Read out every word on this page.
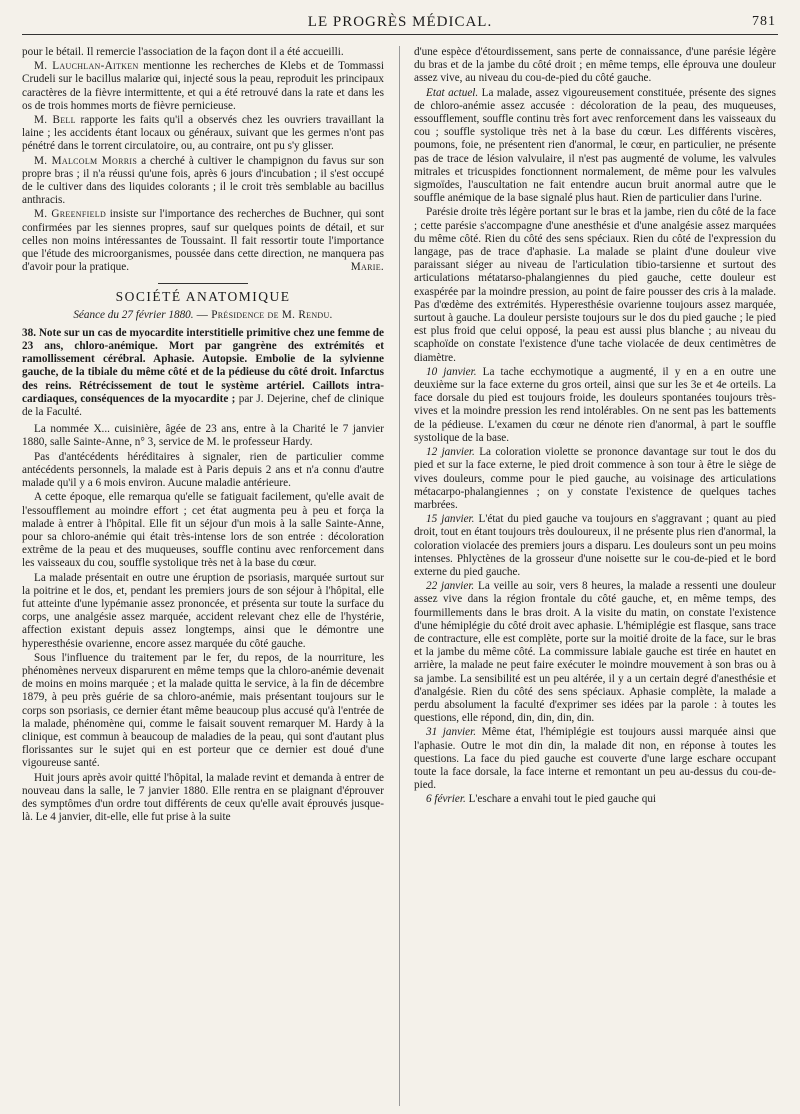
LE PROGRÈS MÉDICAL.	781

pour le bétail. Il remercie l'association de la façon dont il a été accueilli.

M. Lauchlan-Aitken mentionne les recherches de Klebs et de Tommassi Crudeli sur le bacillus malariœ qui, injecté sous la peau, reproduit les principaux caractères de la fièvre intermittente, et qui a été retrouvé dans la rate et dans les os de trois hommes morts de fièvre pernicieuse.

M. Bell rapporte les faits qu'il a observés chez les ouvriers travaillant la laine ; les accidents étant locaux ou généraux, suivant que les germes n'ont pas pénétré dans le torrent circulatoire, ou, au contraire, ont pu s'y glisser.

M. Malcolm Morris a cherché à cultiver le champignon du favus sur son propre bras ; il n'a réussi qu'une fois, après 6 jours d'incubation ; il s'est occupé de le cultiver dans des liquides colorants ; il le croit très semblable au bacillus anthracis.

M. Greenfield insiste sur l'importance des recherches de Buchner, qui sont confirmées par les siennes propres, sauf sur quelques points de détail, et sur celles non moins intéressantes de Toussaint. Il fait ressortir toute l'importance que l'étude des microorganismes, poussée dans cette direction, ne manquera pas d'avoir pour la pratique.	Marie.

SOCIÉTÉ ANATOMIQUE
Séance du 27 février 1880. — Présidence de M. Rendu.

38. Note sur un cas de myocardite interstitielle primitive chez une femme de 23 ans, chloro-anémique. Mort par gangrène des extrémités et ramollissement cérébral. Aphasie. Autopsie. Embolie de la sylvienne gauche, de la tibiale du même côté et de la pédieuse du côté droit. Infarctus des reins. Rétrécissement de tout le système artériel. Caillots intra-cardiaques, conséquences de la myocardite ; par J. Dejerine, chef de clinique de la Faculté.

La nommée X... cuisinière, âgée de 23 ans, entre à la Charité le 7 janvier 1880, salle Sainte-Anne, n° 3, service de M. le professeur Hardy.

Pas d'antécédents héréditaires à signaler, rien de particulier comme antécédents personnels, la malade est à Paris depuis 2 ans et n'a connu d'autre malade qu'il y a 6 mois environ. Aucune maladie antérieure.

A cette époque, elle remarqua qu'elle se fatiguait facilement, qu'elle avait de l'essoufflement au moindre effort ; cet état augmenta peu à peu et força la malade à entrer à l'hôpital. Elle fit un séjour d'un mois à la salle Sainte-Anne, pour sa chloro-anémie qui était très-intense lors de son entrée : décoloration extrême de la peau et des muqueuses, souffle continu avec renforcement dans les vaisseaux du cou, souffle systolique très net à la base du cœur.

La malade présentait en outre une éruption de psoriasis, marquée surtout sur la poitrine et le dos, et, pendant les premiers jours de son séjour à l'hôpital, elle fut atteinte d'une lypémanie assez prononcée, et présenta sur toute la surface du corps, une analgésie assez marquée, accident relevant chez elle de l'hystérie, affection existant depuis assez longtemps, ainsi que le démontre une hyperesthésie ovarienne, encore assez marquée du côté gauche.

Sous l'influence du traitement par le fer, du repos, de la nourriture, les phénomènes nerveux disparurent en même temps que la chloro-anémie devenait de moins en moins marquée ; et la malade quitta le service, à la fin de décembre 1879, à peu près guérie de sa chloro-anémie, mais présentant toujours sur le corps son psoriasis, ce dernier étant même beaucoup plus accusé qu'à l'entrée de la malade, phénomène qui, comme le faisait souvent remarquer M. Hardy à la clinique, est commun à beaucoup de maladies de la peau, qui sont d'autant plus florissantes sur le sujet qui en est porteur que ce dernier est doué d'une vigoureuse santé.

Huit jours après avoir quitté l'hôpital, la malade revint et demanda à entrer de nouveau dans la salle, le 7 janvier 1880. Elle rentra en se plaignant d'éprouver des symptômes d'un ordre tout différents de ceux qu'elle avait éprouvés jusque-là. Le 4 janvier, dit-elle, elle fut prise à la suite

d'une espèce d'étourdissement, sans perte de connaissance, d'une parésie légère du bras et de la jambe du côté droit ; en même temps, elle éprouva une douleur assez vive, au niveau du cou-de-pied du côté gauche.

Etat actuel. La malade, assez vigoureusement constituée, présente des signes de chloro-anémie assez accusée : décoloration de la peau, des muqueuses, essoufflement, souffle continu très fort avec renforcement dans les vaisseaux du cou ; souffle systolique très net à la base du cœur. Les différents viscères, poumons, foie, ne présentent rien d'anormal, le cœur, en particulier, ne présente pas de trace de lésion valvulaire, il n'est pas augmenté de volume, les valvules mitrales et tricuspides fonctionnent normalement, de même pour les valvules sigmoïdes, l'auscultation ne fait entendre aucun bruit anormal autre que le souffle anémique de la base signalé plus haut. Rien de particulier dans l'urine.

Parésie droite très légère portant sur le bras et la jambe, rien du côté de la face ; cette parésie s'accompagne d'une anesthésie et d'une analgésie assez marquées du même côté. Rien du côté des sens spéciaux. Rien du côté de l'expression du langage, pas de trace d'aphasie. La malade se plaint d'une douleur vive paraissant siéger au niveau de l'articulation tibio-tarsienne et surtout des articulations métatarso-phalangiennes du pied gauche, cette douleur est exaspérée par la moindre pression, au point de faire pousser des cris à la malade. Pas d'œdème des extrémités. Hyperesthésie ovarienne toujours assez marquée, surtout à gauche. La douleur persiste toujours sur le dos du pied gauche ; le pied est plus froid que celui opposé, la peau est aussi plus blanche ; au niveau du scaphoïde on constate l'existence d'une tache violacée de deux centimètres de diamètre.

10 janvier. La tache ecchymotique a augmenté, il y en a en outre une deuxième sur la face externe du gros orteil, ainsi que sur les 3e et 4e orteils. La face dorsale du pied est toujours froide, les douleurs spontanées toujours très-vives et la moindre pression les rend intolérables. On ne sent pas les battements de la pédieuse. L'examen du cœur ne dénote rien d'anormal, à part le souffle systolique de la base.

12 janvier. La coloration violette se prononce davantage sur tout le dos du pied et sur la face externe, le pied droit commence à son tour à être le siège de vives douleurs, comme pour le pied gauche, au voisinage des articulations métacarpo-phalangiennes ; on y constate l'existence de quelques taches marbrées.

15 janvier. L'état du pied gauche va toujours en s'aggravant ; quant au pied droit, tout en étant toujours très douloureux, il ne présente plus rien d'anormal, la coloration violacée des premiers jours a disparu. Les douleurs sont un peu moins intenses. Phlyctènes de la grosseur d'une noisette sur le cou-de-pied et le bord externe du pied gauche.

22 janvier. La veille au soir, vers 8 heures, la malade a ressenti une douleur assez vive dans la région frontale du côté gauche, et, en même temps, des fourmillements dans le bras droit. A la visite du matin, on constate l'existence d'une hémiplégie du côté droit avec aphasie. L'hémiplégie est flasque, sans trace de contracture, elle est complète, porte sur la moitié droite de la face, sur le bras et la jambe du même côté. La commissure labiale gauche est tirée en hautet en arrière, la malade ne peut faire exécuter le moindre mouvement à son bras ou à sa jambe. La sensibilité est un peu altérée, il y a un certain degré d'anesthésie et d'analgésie. Rien du côté des sens spéciaux. Aphasie complète, la malade a perdu absolument la faculté d'exprimer ses idées par la parole : à toutes les questions, elle répond, din, din, din, din.

31 janvier. Même état, l'hémiplégie est toujours aussi marquée ainsi que l'aphasie. Outre le mot din din, la malade dit non, en réponse à toutes les questions. La face du pied gauche est couverte d'une large eschare occupant toute la face dorsale, la face interne et remontant un peu au-dessus du cou-de-pied.

6 février. L'eschare a envahi tout le pied gauche qui
